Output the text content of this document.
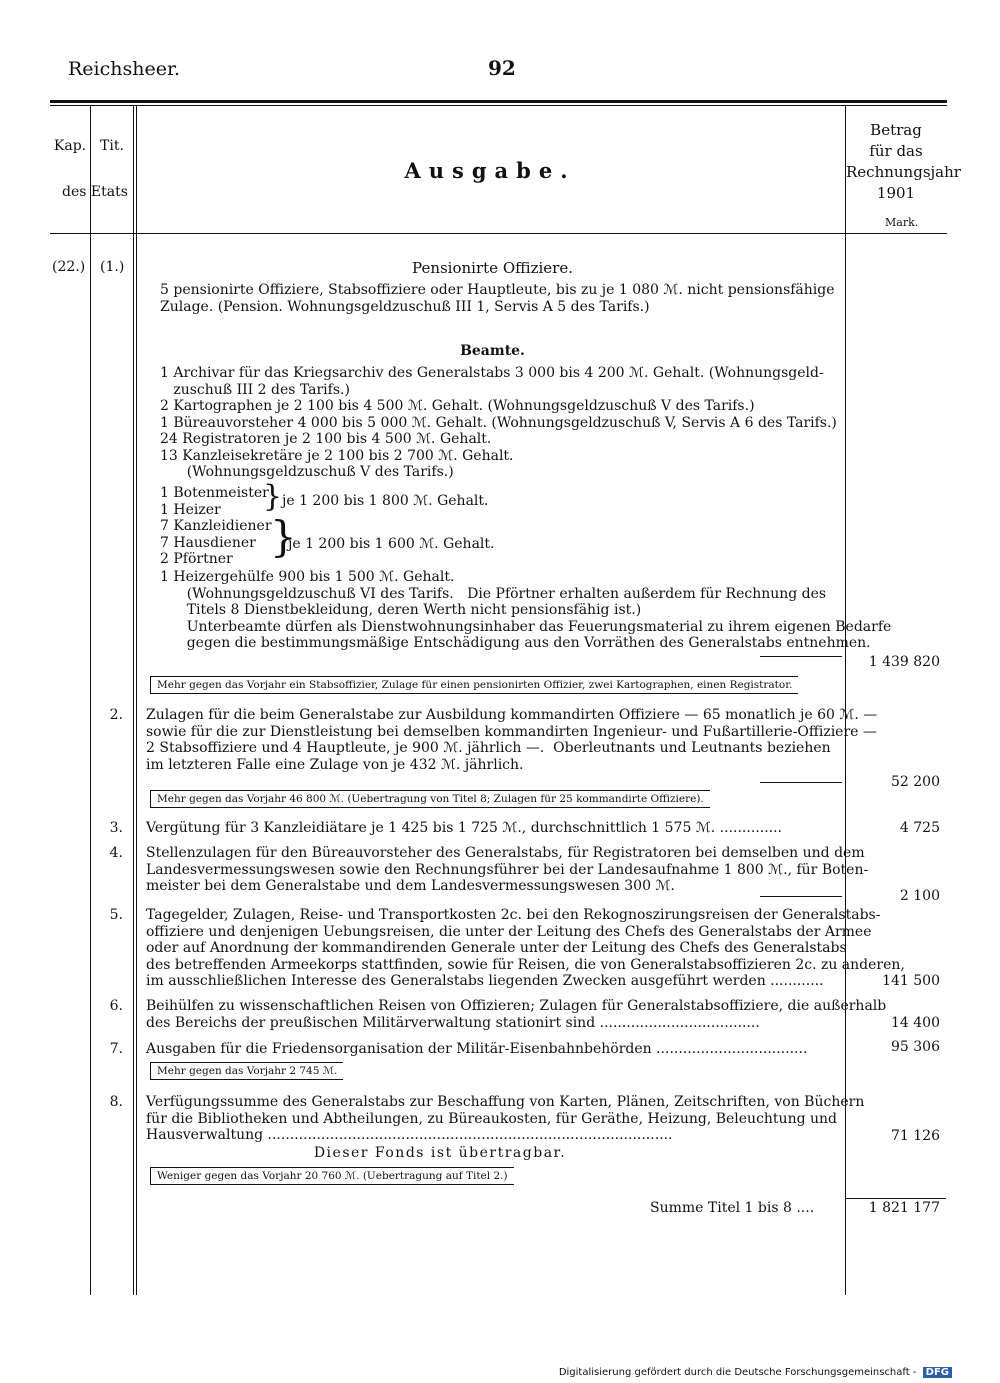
Reichsheer.	92
Kap. Tit.
des Etats
Ausgabe.
Betrag
für das
Rechnungsjahr
1901
Mark.
(22.) (1.)	Pensionirte Offiziere.
5 pensionirte Offiziere, Stabsoffiziere oder Hauptleute, bis zu je 1 080 ℳ. nicht pensionsfähige
Zulage. (Pension. Wohnungsgeldzuschuß III 1, Servis A 5 des Tarifs.)
Beamte.
1 Archivar für das Kriegsarchiv des Generalstabs 3 000 bis 4 200 ℳ. Gehalt. (Wohnungsgeld-
zuschuß III 2 des Tarifs.)
2 Kartographen je 2 100 bis 4 500 ℳ. Gehalt. (Wohnungsgeldzuschuß V des Tarifs.)
1 Büreauvorsteher 4 000 bis 5 000 ℳ. Gehalt. (Wohnungsgeldzuschuß V, Servis A 6 des Tarifs.)
24 Registratoren je 2 100 bis 4 500 ℳ. Gehalt.
13 Kanzleisekretäre je 2 100 bis 2 700 ℳ. Gehalt.
(Wohnungsgeldzuschuß V des Tarifs.)
1 Botenmeister
1 Heizer	} je 1 200 bis 1 800 ℳ. Gehalt.
7 Kanzleidiener
7 Hausdiener
2 Pförtner }
je 1 200 bis 1 600 ℳ. Gehalt.
1 Heizergehülfe 900 bis 1 500 ℳ. Gehalt.
(Wohnungsgeldzuschuß VI des Tarifs.   Die Pförtner erhalten außerdem für Rechnung des
Titels 8 Dienstbekleidung, deren Werth nicht pensionsfähig ist.)
Unterbeamte dürfen als Dienstwohnungsinhaber das Feuerungsmaterial zu ihrem eigenen Bedarfe
gegen die bestimmungsmäßige Entschädigung aus den Vorräthen des Generalstabs entnehmen.
1 439 820
Mehr gegen das Vorjahr ein Stabsoffizier, Zulage für einen pensionirten Offizier, zwei Kartographen, einen Registrator.
2. Zulagen für die beim Generalstabe zur Ausbildung kommandirten Offiziere — 65 monatlich je 60 ℳ. —
sowie für die zur Dienstleistung bei demselben kommandirten Ingenieur- und Fußartillerie-Offiziere —
2 Stabsoffiziere und 4 Hauptleute, je 900 ℳ. jährlich —.  Oberleutnants und Leutnants beziehen
im letzteren Falle eine Zulage von je 432 ℳ. jährlich.
52 200
Mehr gegen das Vorjahr 46 800 ℳ. (Uebertragung von Titel 8; Zulagen für 25 kommandirte Offiziere).
3. Vergütung für 3 Kanzleidiätare je 1 425 bis 1 725 ℳ., durchschnittlich 1 575 ℳ. ..............	4 725
4. Stellenzulagen für den Büreauvorsteher des Generalstabs, für Registratoren bei demselben und dem
Landesvermessungswesen sowie den Rechnungsführer bei der Landesaufnahme 1 800 ℳ., für Boten-
meister bei dem Generalstabe und dem Landesvermessungswesen 300 ℳ.
2 100
5. Tagegelder, Zulagen, Reise- und Transportkosten 2c. bei den Rekognoszirungsreisen der Generalstabs-
offiziere und denjenigen Uebungsreisen, die unter der Leitung des Chefs des Generalstabs der Armee
oder auf Anordnung der kommandirenden Generale unter der Leitung des Chefs des Generalstabs
des betreffenden Armeekorps stattfinden, sowie für Reisen, die von Generalstabsoffizieren 2c. zu anderen,
im ausschließlichen Interesse des Generalstabs liegenden Zwecken ausgeführt werden ............	141 500
6. Beihülfen zu wissenschaftlichen Reisen von Offizieren; Zulagen für Generalstabsoffiziere, die außerhalb
des Bereichs der preußischen Militärverwaltung stationirt sind ....................................	14 400
7. Ausgaben für die Friedensorganisation der Militär-Eisenbahnbehörden ..................................	95 306
Mehr gegen das Vorjahr 2 745 ℳ.
8. Verfügungssumme des Generalstabs zur Beschaffung von Karten, Plänen, Zeitschriften, von Büchern
für die Bibliotheken und Abtheilungen, zu Büreaukosten, für Geräthe, Heizung, Beleuchtung und
Hausverwaltung ...........................................................................................
Dieser Fonds ist übertragbar.
71 126
Weniger gegen das Vorjahr 20 760 ℳ. (Uebertragung auf Titel 2.)
Summe Titel 1 bis 8 ....	1 821 177
Digitalisierung gefördert durch die Deutsche Forschungsgemeinschaft - DFG
